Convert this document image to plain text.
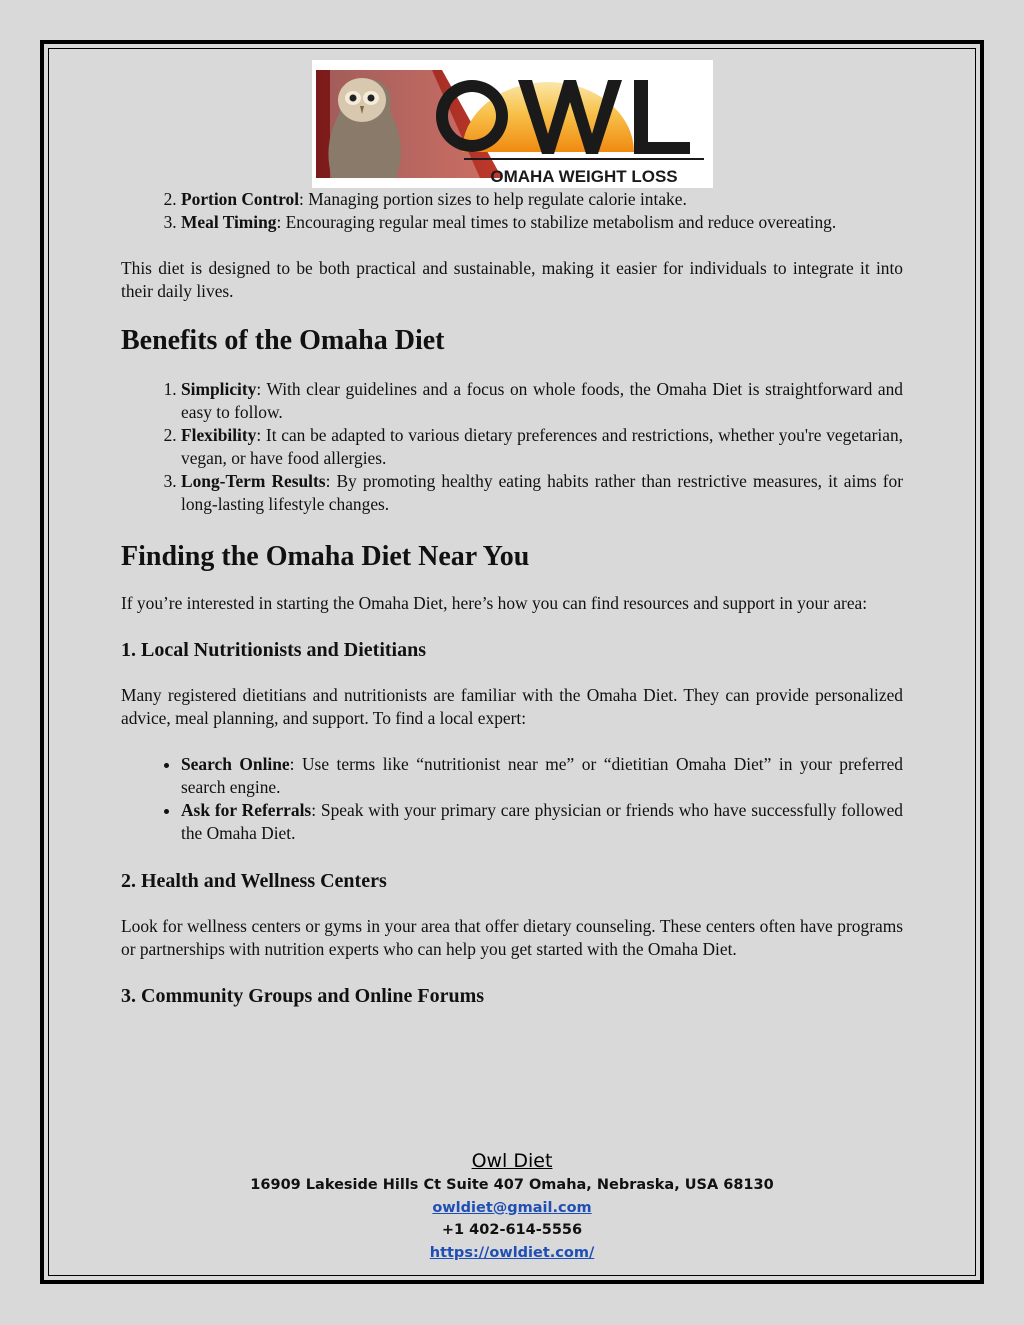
OMAHA WEIGHT LOSS
2. Portion Control: Managing portion sizes to help regulate calorie intake.
3. Meal Timing: Encouraging regular meal times to stabilize metabolism and reduce overeating.

This diet is designed to be both practical and sustainable, making it easier for individuals to integrate it into their daily lives.

Benefits of the Omaha Diet
1. Simplicity: With clear guidelines and a focus on whole foods, the Omaha Diet is straightforward and easy to follow.
2. Flexibility: It can be adapted to various dietary preferences and restrictions, whether you're vegetarian, vegan, or have food allergies.
3. Long-Term Results: By promoting healthy eating habits rather than restrictive measures, it aims for long-lasting lifestyle changes.
Finding the Omaha Diet Near You

If you’re interested in starting the Omaha Diet, here’s how you can find resources and support in your area:

1. Local Nutritionists and Dietitians

Many registered dietitians and nutritionists are familiar with the Omaha Diet. They can provide personalized advice, meal planning, and support. To find a local expert:

• Search Online: Use terms like “nutritionist near me” or “dietitian Omaha Diet” in your preferred search engine.
• Ask for Referrals: Speak with your primary care physician or friends who have successfully followed the Omaha Diet.
2. Health and Wellness Centers

Look for wellness centers or gyms in your area that offer dietary counseling. These centers often have programs or partnerships with nutrition experts who can help you get started with the Omaha Diet.

3. Community Groups and Online Forums
Owl Diet
16909 Lakeside Hills Ct Suite 407 Omaha, Nebraska, USA 68130
owldiet@gmail.com
+1 402-614-5556
https://owldiet.com/
